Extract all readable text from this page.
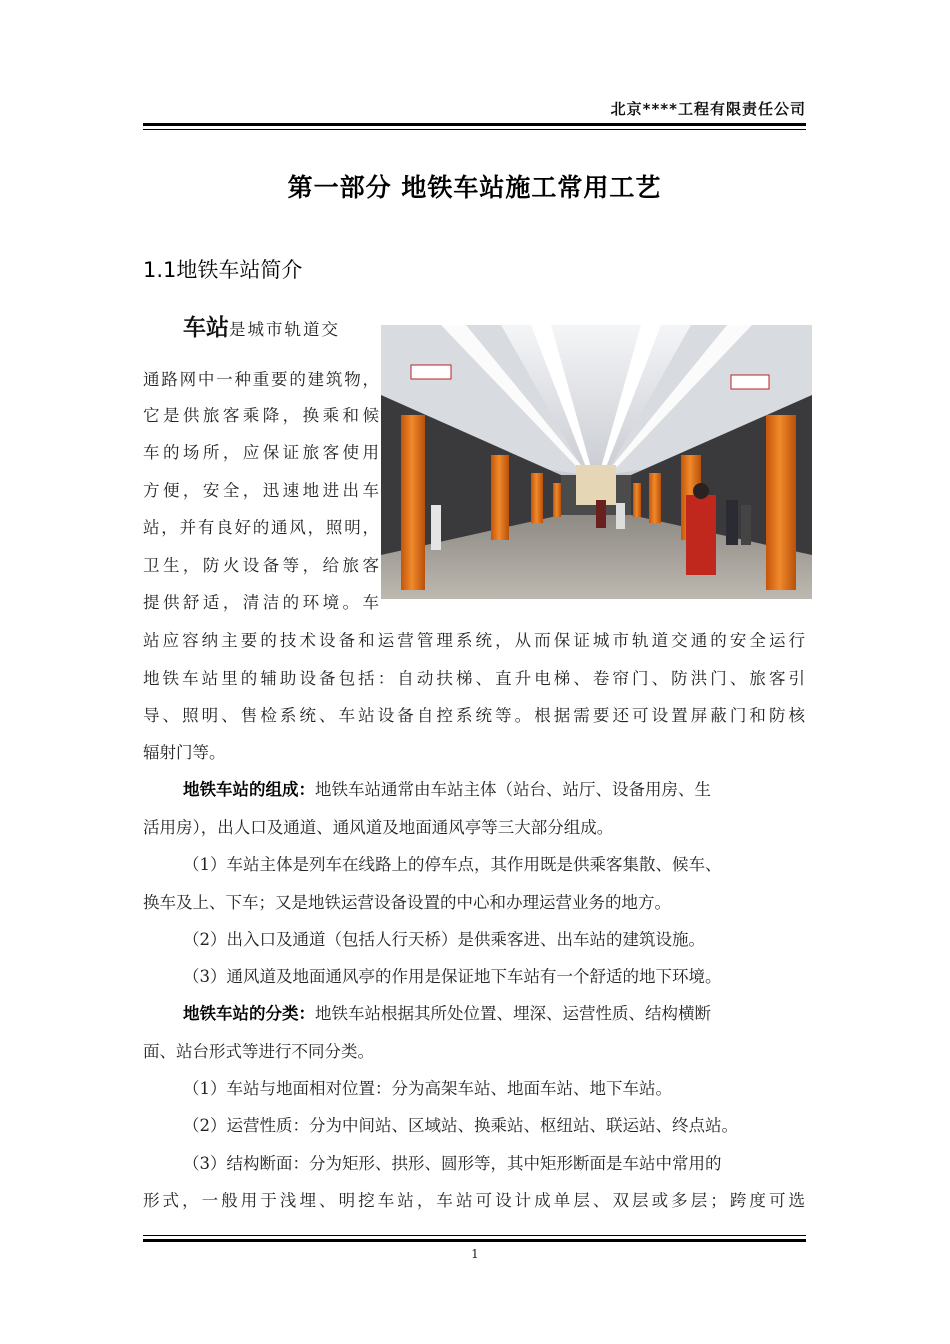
北京****工程有限责任公司
第一部分 地铁车站施工常用工艺
1.1地铁车站简介
车站是城市轨道交
通路网中一种重要的建筑物，
它是供旅客乘降，换乘和候
车的场所，应保证旅客使用
方便，安全，迅速地进出车
站，并有良好的通风，照明，
卫生，防火设备等，给旅客
提供舒适，清洁的环境。车
站应容纳主要的技术设备和运营管理系统，从而保证城市轨道交通的安全运行
地铁车站里的辅助设备包括：自动扶梯、直升电梯、卷帘门、防洪门、旅客引
导、照明、售检系统、车站设备自控系统等。根据需要还可设置屏蔽门和防核
辐射门等。
地铁车站的组成：地铁车站通常由车站主体（站台、站厅、设备用房、生
活用房），出人口及通道、通风道及地面通风亭等三大部分组成。
（1）车站主体是列车在线路上的停车点，其作用既是供乘客集散、候车、
换车及上、下车；又是地铁运营设备设置的中心和办理运营业务的地方。
（2）出入口及通道（包括人行天桥）是供乘客进、出车站的建筑设施。
（3）通风道及地面通风亭的作用是保证地下车站有一个舒适的地下环境。
地铁车站的分类：地铁车站根据其所处位置、埋深、运营性质、结构横断
面、站台形式等进行不同分类。
（1）车站与地面相对位置：分为高架车站、地面车站、地下车站。
（2）运营性质：分为中间站、区域站、换乘站、枢纽站、联运站、终点站。
（3）结构断面：分为矩形、拱形、圆形等，其中矩形断面是车站中常用的
形式，一般用于浅埋、明挖车站，车站可设计成单层、双层或多层；跨度可选
1
